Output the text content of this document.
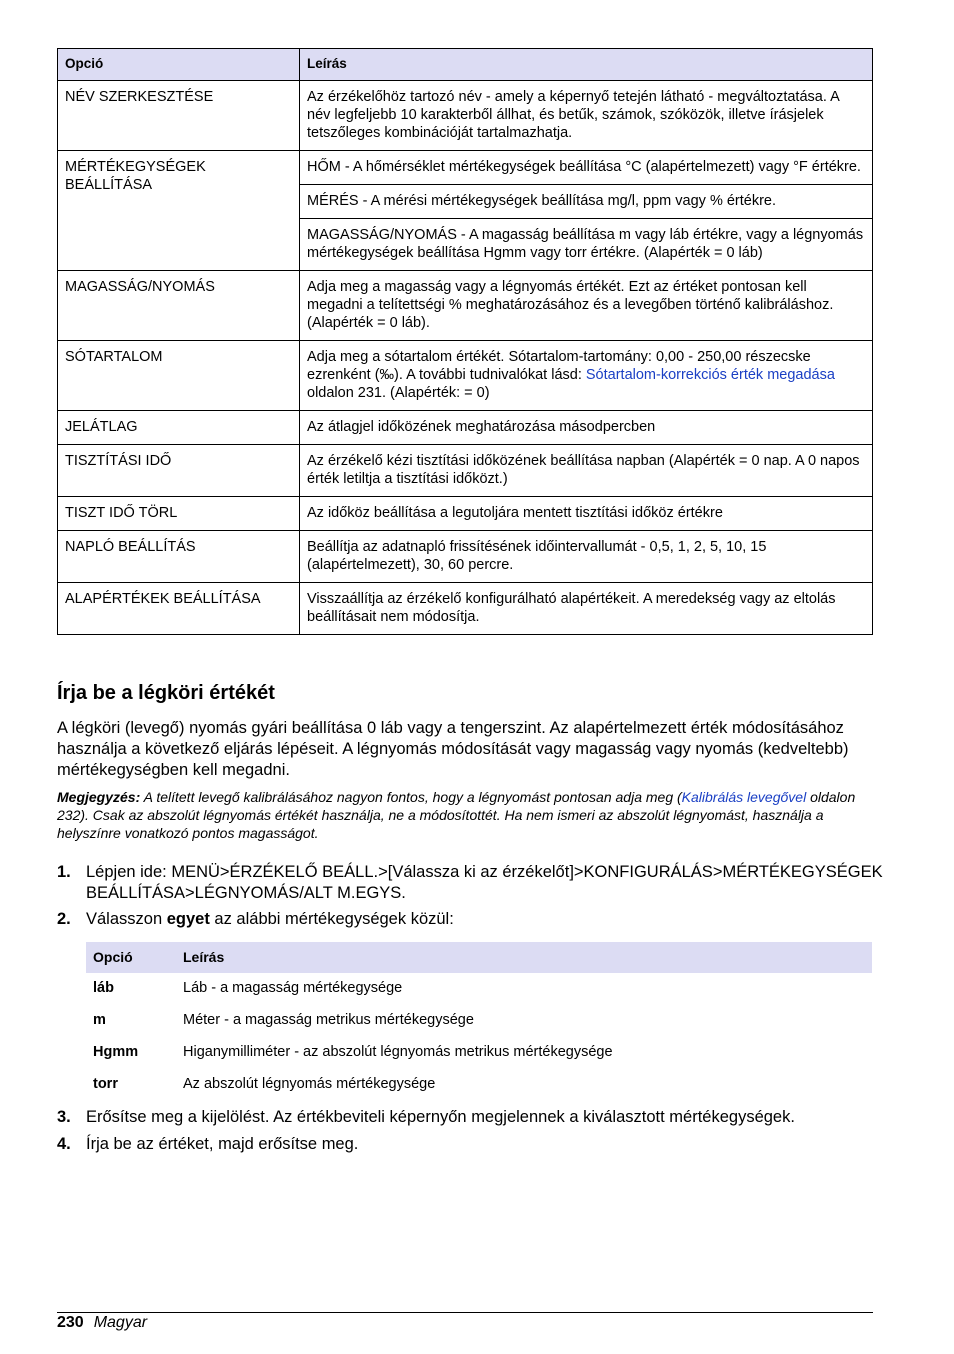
Opció	Leírás
NÉV SZERKESZTÉSE	Az érzékelőhöz tartozó név - amely a képernyő tetején látható - megváltoztatása. A név legfeljebb 10 karakterből állhat, és betűk, számok, szóközök, illetve írásjelek tetszőleges kombinációját tartalmazhatja.
MÉRTÉKEGYSÉGEK BEÁLLÍTÁSA	HŐM - A hőmérséklet mértékegységek beállítása °C (alapértelmezett) vagy °F értékre.
	MÉRÉS - A mérési mértékegységek beállítása mg/l, ppm vagy % értékre.
	MAGASSÁG/NYOMÁS - A magasság beállítása m vagy láb értékre, vagy a légnyomás mértékegységek beállítása Hgmm vagy torr értékre. (Alapérték = 0 láb)
MAGASSÁG/NYOMÁS	Adja meg a magasság vagy a légnyomás értékét. Ezt az értéket pontosan kell megadni a telítettségi % meghatározásához és a levegőben történő kalibráláshoz. (Alapérték = 0 láb).
SÓTARTALOM	Adja meg a sótartalom értékét. Sótartalom-tartomány: 0,00 - 250,00 részecske ezrenként (‰). A további tudnivalókat lásd: Sótartalom-korrekciós érték megadása oldalon 231. (Alapérték: = 0)
JELÁTLAG	Az átlagjel időközének meghatározása másodpercben
TISZTÍTÁSI IDŐ	Az érzékelő kézi tisztítási időközének beállítása napban (Alapérték = 0 nap. A 0 napos érték letiltja a tisztítási időközt.)
TISZT IDŐ TÖRL	Az időköz beállítása a legutoljára mentett tisztítási időköz értékre
NAPLÓ BEÁLLÍTÁS	Beállítja az adatnapló frissítésének időintervallumát - 0,5, 1, 2, 5, 10, 15 (alapértelmezett), 30, 60 percre.
ALAPÉRTÉKEK BEÁLLÍTÁSA	Visszaállítja az érzékelő konfigurálható alapértékeit. A meredekség vagy az eltolás beállításait nem módosítja.
Írja be a légköri értékét
A légköri (levegő) nyomás gyári beállítása 0 láb vagy a tengerszint. Az alapértelmezett érték módosításához használja a következő eljárás lépéseit. A légnyomás módosítását vagy magasság vagy nyomás (kedveltebb) mértékegységben kell megadni.
Megjegyzés: A telített levegő kalibrálásához nagyon fontos, hogy a légnyomást pontosan adja meg (Kalibrálás levegővel oldalon 232). Csak az abszolút légnyomás értékét használja, ne a módosítottét. Ha nem ismeri az abszolút légnyomást, használja a helyszínre vonatkozó pontos magasságot.
1. Lépjen ide: MENÜ>ÉRZÉKELŐ BEÁLL.>[Válassza ki az érzékelőt]>KONFIGURÁLÁS>MÉRTÉKEGYSÉGEK BEÁLLÍTÁSA>LÉGNYOMÁS/ALT M.EGYS.
2. Válasszon egyet az alábbi mértékegységek közül:
Opció	Leírás
láb	Láb - a magasság mértékegysége
m	Méter - a magasság metrikus mértékegysége
Hgmm	Higanymilliméter - az abszolút légnyomás metrikus mértékegysége
torr	Az abszolút légnyomás mértékegysége
3. Erősítse meg a kijelölést. Az értékbeviteli képernyőn megjelennek a kiválasztott mértékegységek.
4. Írja be az értéket, majd erősítse meg.
230 Magyar
